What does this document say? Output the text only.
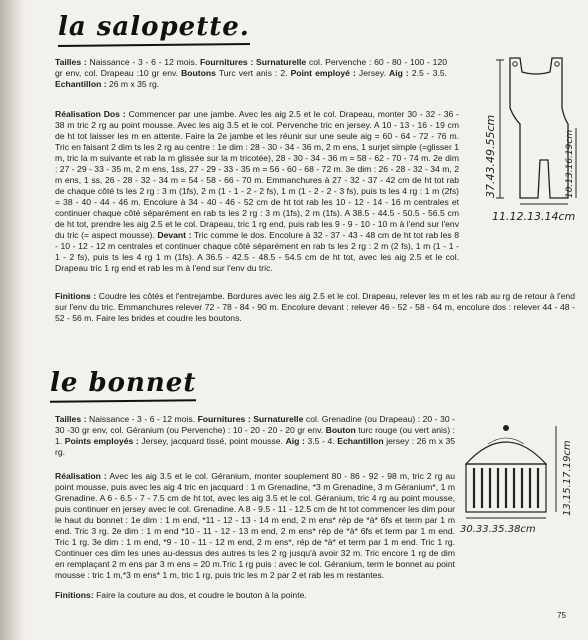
la salopette.

Tailles : Naissance - 3 - 6 - 12 mois. Fournitures : Surnaturelle col. Pervenche : 60 - 80 - 100 - 120 gr env, col. Drapeau :10 gr env. Boutons Turc vert anis : 2. Point employé : Jersey. Aig : 2.5 - 3.5. Echantillon : 26 m x 35 rg.

Réalisation Dos : Commencer par une jambe. Avec les aig 2.5 et le col. Drapeau, monter 30 - 32 - 36 - 38 m tric 2 rg au point mousse. Avec les aig 3.5 et le col. Pervenche tric en jersey. A 10 - 13 - 16 - 19 cm de ht tot laisser les m en attente. Faire la 2e jambe et les réunir sur une seule aig = 60 - 64 - 72 - 76 m. Tric en faisant 2 dim ts les 2 rg au centre : 1e dim : 28 - 30 - 34 - 36 m, 2 m ens, 1 surjet simple (=glisser 1 m, tric la m suivante et rab la m glissée sur la m tricotée), 28 - 30 - 34 - 36 m = 58 - 62 - 70 - 74 m. 2e dim : 27 - 29 - 33 - 35 m, 2 m ens, 1ss, 27 - 29 - 33 - 35 m = 56 - 60 - 68 - 72 m. 3e dim : 26 - 28 - 32 - 34 m, 2 m ens, 1 ss, 26 - 28 - 32 - 34 m = 54 - 58 - 66 - 70 m. Emmanchures à 27 - 32 - 37 - 42 cm de ht tot rab de chaque côté ts les 2 rg : 3 m (1fs), 2 m (1 - 1 - 2 - 2 fs), 1 m (1 - 2 - 2 - 3 fs), puis ts les 4 rg : 1 m (2fs) = 38 - 40 - 44 - 46 m. Encolure à 34 - 40 - 46 - 52 cm de ht tot rab les 10 - 12 - 14 - 16 m centrales et continuer chaque côté séparément en rab ts les 2 rg : 3 m (1fs), 2 m (1fs). A 38.5 - 44.5 - 50.5 - 56.5 cm de ht tot, prendre les aig 2.5 et le col. Drapeau, tric 1 rg end, puis rab les 9 - 9 - 10 - 10 m à l'end sur l'env du tric (= aspect mousse). Devant : Tric comme le dos. Encolure à 32 - 37 - 43 - 48 cm de ht tot rab les 8 - 10 - 12 - 12 m centrales et continuer chaque côté séparément en rab ts les 2 rg : 2 m (2 fs), 1 m (1 - 1 - 1 - 2 fs), puis ts les 4 rg 1 m (1fs). A 36.5 - 42.5 - 48.5 - 54.5 cm de ht tot, avec les aig 2.5 et le col. Drapeau tric 1 rg end et rab les m à l'end sur l'env du tric.

Finitions : Coudre les côtés et l'entrejambe. Bordures avec les aig 2.5 et le col. Drapeau, relever les m et les rab au rg de retour à l'end sur l'env du tric. Emmanchures relever 72 - 78 - 84 - 90 m. Encolure devant : relever 46 - 52 - 58 - 64 m, encolure dos : relever 44 - 48 - 52 - 56 m. Faire les brides et coudre les boutons.

37.43.49.55cm	10.13.16.19cm
11.12.13.14cm
le bonnet

Tailles : Naissance - 3 - 6 - 12 mois. Fournitures : Surnaturelle col. Grenadine (ou Drapeau) : 20 - 30 - 30 -30 gr env, col. Géranium (ou Pervenche) : 10 - 20 - 20 - 20 gr env. Bouton turc rouge (ou vert anis) : 1. Points employés : Jersey, jacquard tissé, point mousse. Aig : 3.5 - 4. Echantillon jersey : 26 m x 35 rg.

Réalisation : Avec les aig 3.5 et le col. Géranium, monter souplement 80 - 86 - 92 - 98 m, tric 2 rg au point mousse, puis avec les aig 4 tric en jacquard : 1 m Grenadine, *3 m Grenadine, 3 m Géranium*, 1 m Grenadine. A 6 - 6.5 - 7 - 7.5 cm de ht tot, avec les aig 3.5 et le col. Géranium, tric 4 rg au point mousse, puis continuer en jersey avec le col. Grenadine. A 8 - 9.5 - 11 - 12.5 cm de ht tot commencer les dim pour le haut du bonnet : 1e dim : 1 m end, *11 - 12 - 13 - 14 m end, 2 m ens* rép de *à* 6fs et term par 1 m end. Tric 3 rg. 2e dim : 1 m end *10 - 11 - 12 - 13 m end, 2 m ens* rép de *à* 6fs et term par 1 m end. Tric 1 rg. 3e dim : 1 m end, *9 - 10 - 11 - 12 m end, 2 m ens*, rép de *à* et term par 1 m end. Tric 1 rg. Continuer ces dim les unes au-dessus des autres ts les 2 rg jusqu'à avoir 32 m. Tric encore 1 rg de dim en remplaçant 2 m ens par 3 m ens = 20 m.Tric 1 rg puis : avec le col. Géranium, term le bonnet au point mousse : tric 1 m,*3 m ens* 1 m, tric 1 rg, puis tric les m 2 par 2 et rab les m restantes.

Finitions: Faire la couture au dos, et coudre le bouton à la pointe.

13.15.17.19cm
30.33.35.38cm
75
